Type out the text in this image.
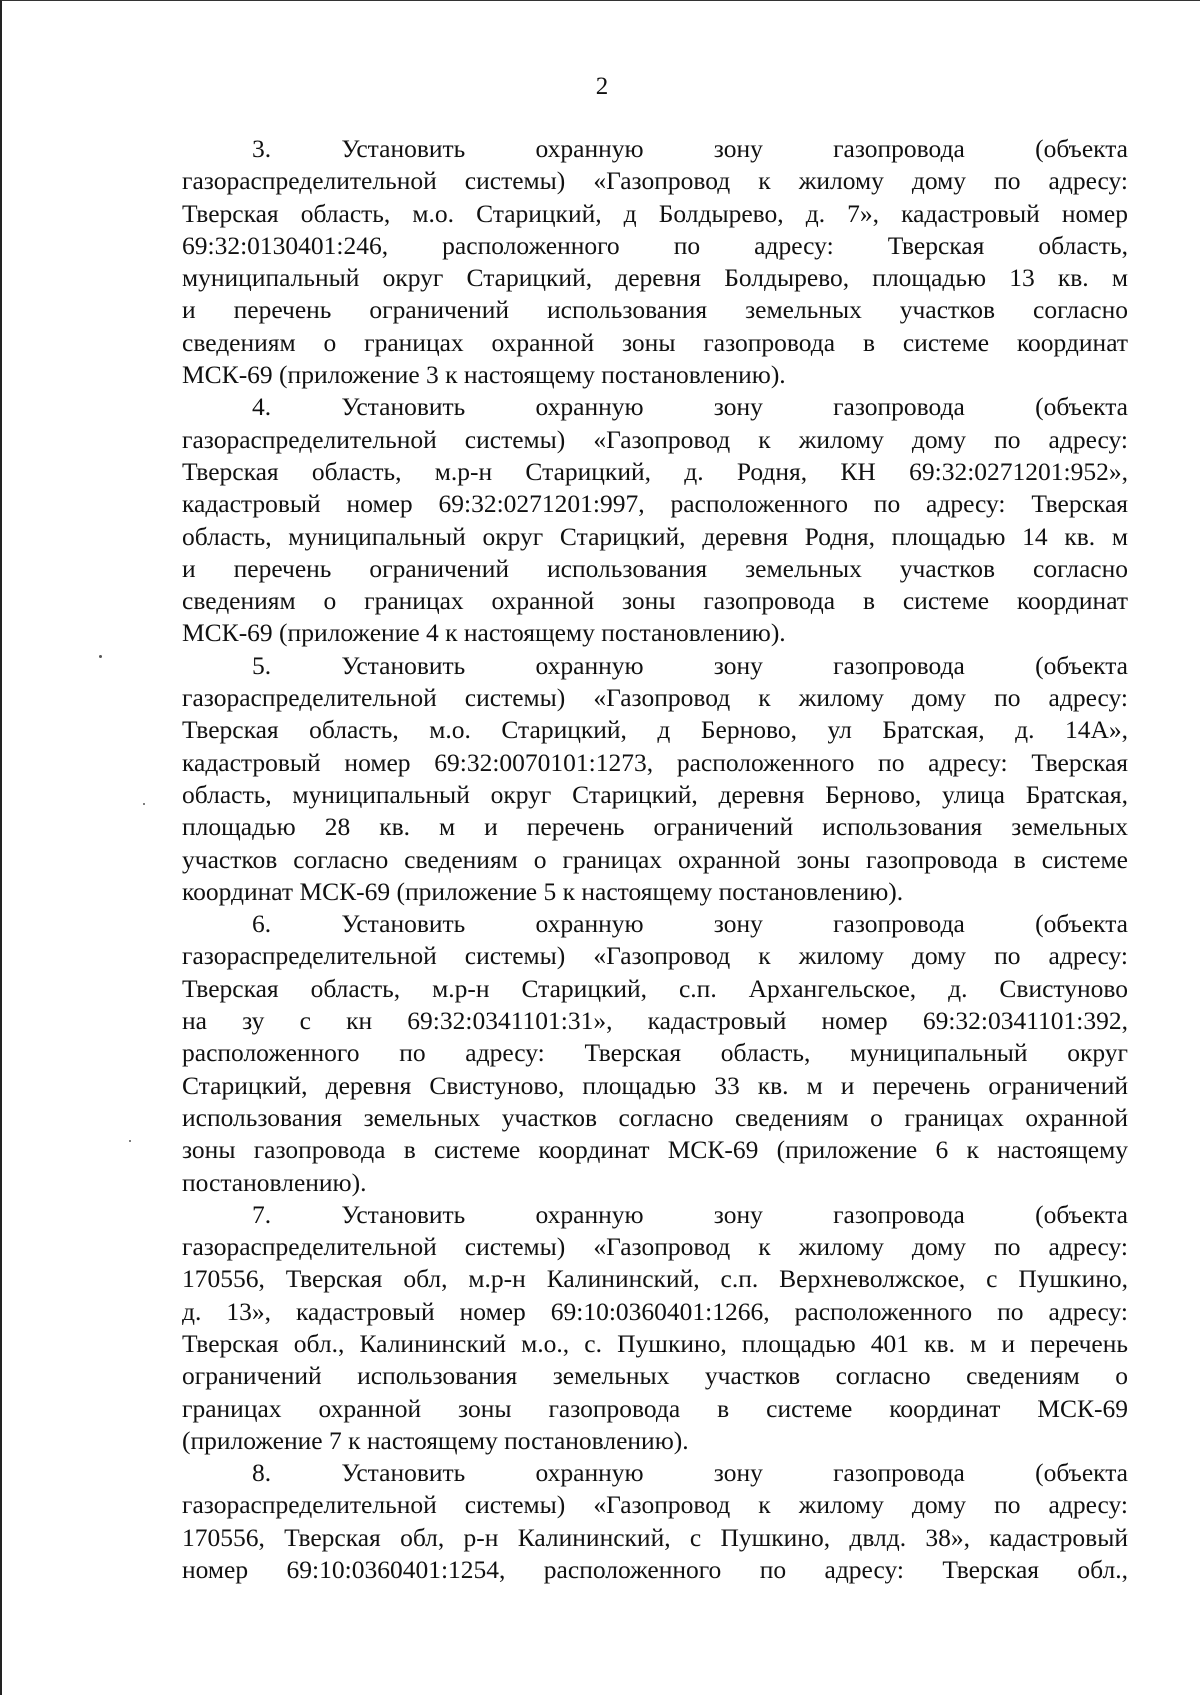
2
3. Установить охранную зону газопровода (объекта
газораспределительной системы) «Газопровод к жилому дому по адресу:
Тверская область, м.о. Старицкий, д Болдырево, д. 7», кадастровый номер
69:32:0130401:246, расположенного по адресу: Тверская область,
муниципальный округ Старицкий, деревня Болдырево, площадью 13 кв. м
и перечень ограничений использования земельных участков согласно
сведениям о границах охранной зоны газопровода в системе координат
МСК-69 (приложение 3 к настоящему постановлению).
4. Установить охранную зону газопровода (объекта
газораспределительной системы) «Газопровод к жилому дому по адресу:
Тверская область, м.р-н Старицкий, д. Родня, КН 69:32:0271201:952»,
кадастровый номер 69:32:0271201:997, расположенного по адресу: Тверская
область, муниципальный округ Старицкий, деревня Родня, площадью 14 кв. м
и перечень ограничений использования земельных участков согласно
сведениям о границах охранной зоны газопровода в системе координат
МСК-69 (приложение 4 к настоящему постановлению).
5. Установить охранную зону газопровода (объекта
газораспределительной системы) «Газопровод к жилому дому по адресу:
Тверская область, м.о. Старицкий, д Берново, ул Братская, д. 14А»,
кадастровый номер 69:32:0070101:1273, расположенного по адресу: Тверская
область, муниципальный округ Старицкий, деревня Берново, улица Братская,
площадью 28 кв. м и перечень ограничений использования земельных
участков согласно сведениям о границах охранной зоны газопровода в системе
координат МСК-69 (приложение 5 к настоящему постановлению).
6. Установить охранную зону газопровода (объекта
газораспределительной системы) «Газопровод к жилому дому по адресу:
Тверская область, м.р-н Старицкий, с.п. Архангельское, д. Свистуново
на зу с кн 69:32:0341101:31», кадастровый номер 69:32:0341101:392,
расположенного по адресу: Тверская область, муниципальный округ
Старицкий, деревня Свистуново, площадью 33 кв. м и перечень ограничений
использования земельных участков согласно сведениям о границах охранной
зоны газопровода в системе координат МСК-69 (приложение 6 к настоящему
постановлению).
7. Установить охранную зону газопровода (объекта
газораспределительной системы) «Газопровод к жилому дому по адресу:
170556, Тверская обл, м.р-н Калининский, с.п. Верхневолжское, с Пушкино,
д. 13», кадастровый номер 69:10:0360401:1266, расположенного по адресу:
Тверская обл., Калининский м.о., с. Пушкино, площадью 401 кв. м и перечень
ограничений использования земельных участков согласно сведениям о
границах охранной зоны газопровода в системе координат МСК-69
(приложение 7 к настоящему постановлению).
8. Установить охранную зону газопровода (объекта
газораспределительной системы) «Газопровод к жилому дому по адресу:
170556, Тверская обл, р-н Калининский, с Пушкино, двлд. 38», кадастровый
номер 69:10:0360401:1254, расположенного по адресу: Тверская обл.,
